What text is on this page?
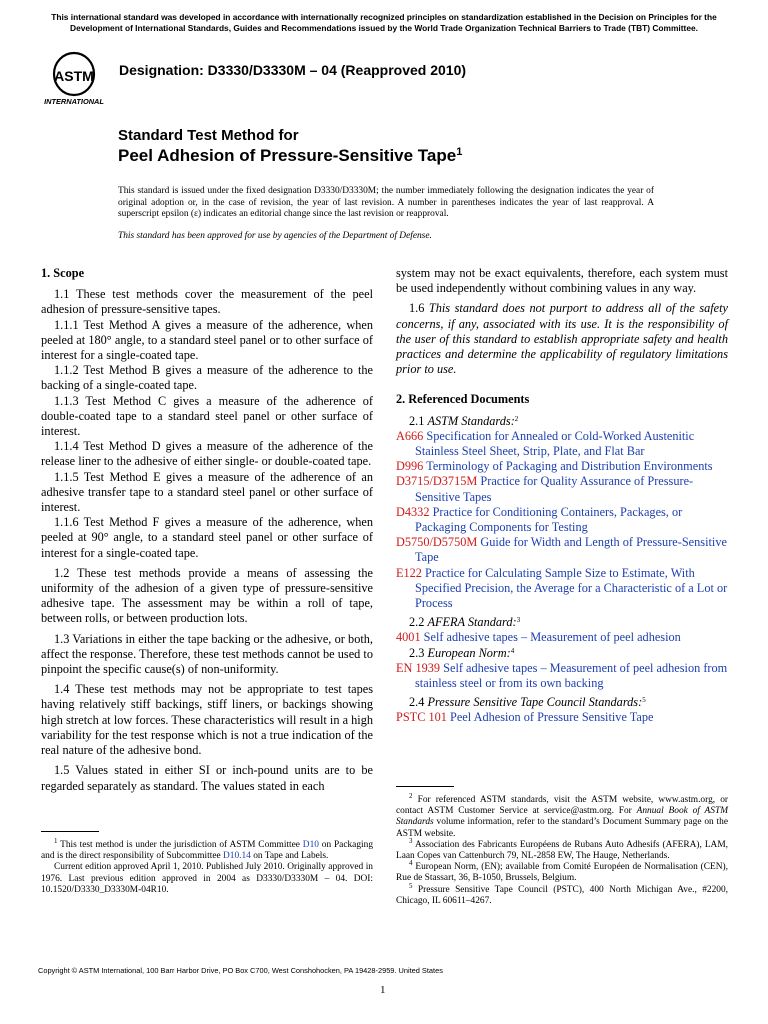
This international standard was developed in accordance with internationally recognized principles on standardization established in the Decision on Principles for the Development of International Standards, Guides and Recommendations issued by the World Trade Organization Technical Barriers to Trade (TBT) Committee.
ASTM
INTERNATIONAL
Designation: D3330/D3330M – 04 (Reapproved 2010)
Standard Test Method for
Peel Adhesion of Pressure-Sensitive Tape$^1$
This standard is issued under the fixed designation D3330/D3330M; the number immediately following the designation indicates the year of original adoption or, in the case of revision, the year of last revision. A number in parentheses indicates the year of last reapproval. A superscript epsilon (ε) indicates an editorial change since the last revision or reapproval.
This standard has been approved for use by agencies of the Department of Defense.

1. Scope

1.1 These test methods cover the measurement of the peel adhesion of pressure-sensitive tapes.

1.1.1 Test Method A gives a measure of the adherence, when peeled at 180° angle, to a standard steel panel or to other surface of interest for a single-coated tape.

1.1.2 Test Method B gives a measure of the adherence to the backing of a single-coated tape.

1.1.3 Test Method C gives a measure of the adherence of double-coated tape to a standard steel panel or other surface of interest.

1.1.4 Test Method D gives a measure of the adherence of the release liner to the adhesive of either single- or double-coated tape.

1.1.5 Test Method E gives a measure of the adherence of an adhesive transfer tape to a standard steel panel or other surface of interest.

1.1.6 Test Method F gives a measure of the adherence, when peeled at 90° angle, to a standard steel panel or other surface of interest for a single-coated tape.

1.2 These test methods provide a means of assessing the uniformity of the adhesion of a given type of pressure-sensitive adhesive tape. The assessment may be within a roll of tape, between rolls, or between production lots.

1.3 Variations in either the tape backing or the adhesive, or both, affect the response. Therefore, these test methods cannot be used to pinpoint the specific cause(s) of non-uniformity.

1.4 These test methods may not be appropriate to test tapes having relatively stiff backings, stiff liners, or backings showing high stretch at low forces. These characteristics will result in a high variability for the test response which is not a true indication of the real nature of the adhesive bond.

1.5 Values stated in either SI or inch-pound units are to be regarded separately as standard. The values stated in each

$^1$ This test method is under the jurisdiction of ASTM Committee D10 on Packaging and is the direct responsibility of Subcommittee D10.14 on Tape and Labels.

Current edition approved April 1, 2010. Published July 2010. Originally approved in 1976. Last previous edition approved in 2004 as D3330/D3330M – 04. DOI: 10.1520/D3330_D3330M-04R10.

system may not be exact equivalents, therefore, each system must be used independently without combining values in any way.

1.6 This standard does not purport to address all of the safety concerns, if any, associated with its use. It is the responsibility of the user of this standard to establish appropriate safety and health practices and determine the applicability of regulatory limitations prior to use.

2. Referenced Documents

2.1 ASTM Standards:$^2$

A666 Specification for Annealed or Cold-Worked Austenitic Stainless Steel Sheet, Strip, Plate, and Flat Bar

D996 Terminology of Packaging and Distribution Environments

D3715/D3715M Practice for Quality Assurance of Pressure-Sensitive Tapes

D4332 Practice for Conditioning Containers, Packages, or Packaging Components for Testing

D5750/D5750M Guide for Width and Length of Pressure-Sensitive Tape

E122 Practice for Calculating Sample Size to Estimate, With Specified Precision, the Average for a Characteristic of a Lot or Process

2.2 AFERA Standard:$^3$

4001 Self adhesive tapes – Measurement of peel adhesion

2.3 European Norm:$^4$

EN 1939 Self adhesive tapes – Measurement of peel adhesion from stainless steel or from its own backing

2.4 Pressure Sensitive Tape Council Standards:$^5$

PSTC 101 Peel Adhesion of Pressure Sensitive Tape

$^2$ For referenced ASTM standards, visit the ASTM website, www.astm.org, or contact ASTM Customer Service at service@astm.org. For Annual Book of ASTM Standards volume information, refer to the standard’s Document Summary page on the ASTM website.

$^3$ Association des Fabricants Européens de Rubans Auto Adhesifs (AFERA), LAM, Laan Copes van Cattenburch 79, NL-2858 EW, The Hauge, Netherlands.

$^4$ European Norm, (EN); available from Comité Européen de Normalisation (CEN), Rue de Stassart, 36, B-1050, Brussels, Belgium.

$^5$ Pressure Sensitive Tape Council (PSTC), 400 North Michigan Ave., #2200, Chicago, IL 60611–4267.

Copyright © ASTM International, 100 Barr Harbor Drive, PO Box C700, West Conshohocken, PA 19428-2959. United States
1
